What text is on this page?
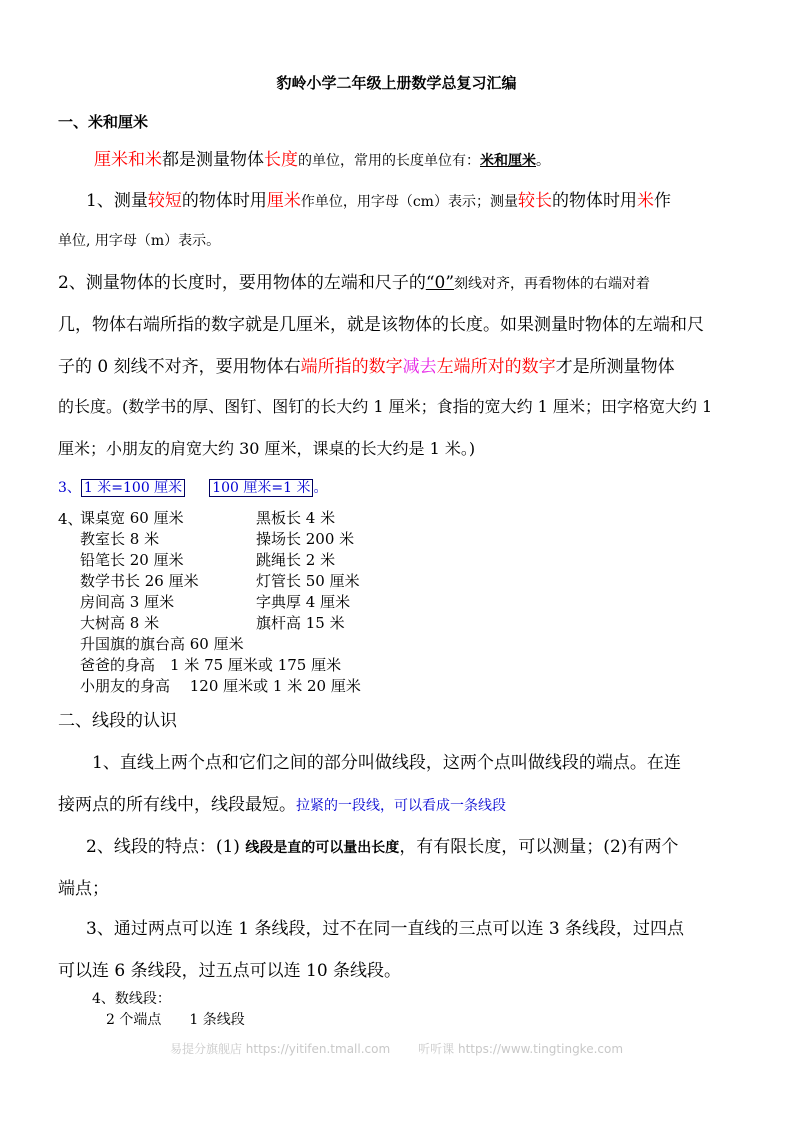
豹岭小学二年级上册数学总复习汇编
一、米和厘米
厘米和米都是测量物体长度的单位，常用的长度单位有：米和厘米。
1、测量较短的物体时用厘米作单位，用字母（cm）表示；测量较长的物体时用米作
单位, 用字母（m）表示。
2、测量物体的长度时，要用物体的左端和尺子的“0”刻线对齐，再看物体的右端对着
几，物体右端所指的数字就是几厘米，就是该物体的长度。如果测量时物体的左端和尺
子的 0 刻线不对齐，要用物体右端所指的数字减去左端所对的数字才是所测量物体
的长度。(数学书的厚、图钉、图钉的长大约 1 厘米；食指的宽大约 1 厘米；田字格宽大约 1
厘米；小朋友的肩宽大约 30 厘米，课桌的长大约是 1 米。)
3、 1 米=100 厘米 100 厘米=1 米 。
4、
课桌宽 60 厘米
教室长 8 米
铅笔长 20 厘米
数学书长 26 厘米
房间高 3 厘米
大树高 8 米
升国旗的旗台高 60 厘米
爸爸的身高　1 米 75 厘米或 175 厘米
小朋友的身高　 120 厘米或 1 米 20 厘米
黑板长 4 米
操场长 200 米
跳绳长 2 米
灯管长 50 厘米
字典厚 4 厘米
旗杆高 15 米
二、线段的认识
1、直线上两个点和它们之间的部分叫做线段，这两个点叫做线段的端点。在连
接两点的所有线中，线段最短。拉紧的一段线，可以看成一条线段
2、线段的特点：(1) 线段是直的可以量出长度，有有限长度，可以测量；(2)有两个
端点；
3、通过两点可以连 1 条线段，过不在同一直线的三点可以连 3 条线段，过四点
可以连 6 条线段，过五点可以连 10 条线段。
4、数线段：
2 个端点　　1 条线段
易提分旗舰店 https://yitifen.tmall.com 听听课 https://www.tingtingke.com
